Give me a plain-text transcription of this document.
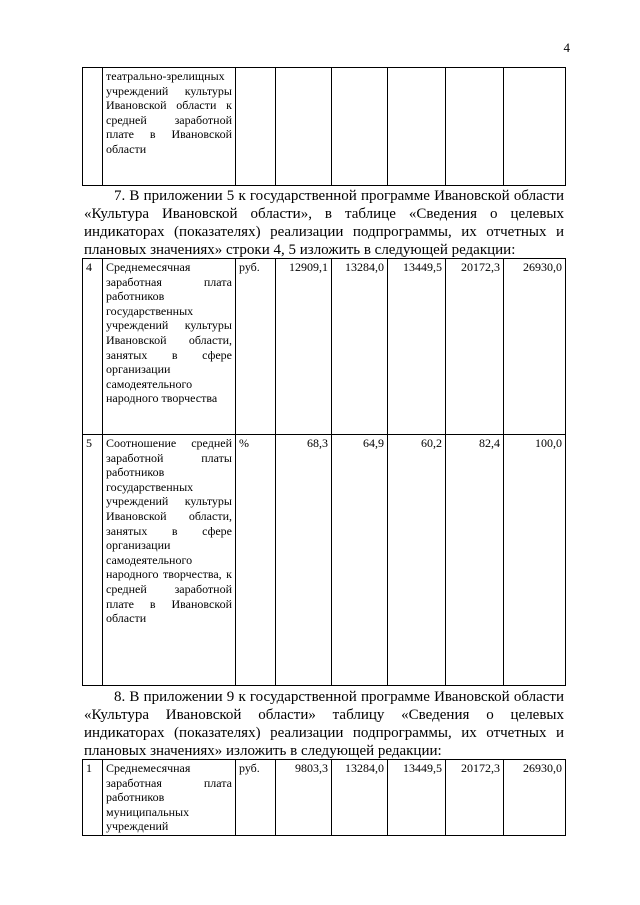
4
	театрально-зрелищных учреждений культуры Ивановской области к средней заработной плате в Ивановской области						

7. В приложении 5 к государственной программе Ивановской области «Культура Ивановской области», в таблице «Сведения о целевых индикаторах (показателях) реализации подпрограммы, их отчетных и плановых значениях» строки 4, 5 изложить в следующей редакции:

4	Среднемесячная заработная плата работников государственных учреждений культуры Ивановской области, занятых в сфере организации самодеятельного народного творчества	руб.	12909,1	13284,0	13449,5	20172,3	26930,0
5	Соотношение средней заработной платы работников государственных учреждений культуры Ивановской области, занятых в сфере организации самодеятельного народного творчества, к средней заработной плате в Ивановской области	%	68,3	64,9	60,2	82,4	100,0

8. В приложении 9 к государственной программе Ивановской области «Культура Ивановской области» таблицу «Сведения о целевых индикаторах (показателях) реализации подпрограммы, их отчетных и плановых значениях» изложить в следующей редакции:

1	Среднемесячная заработная плата работников муниципальных учреждений	руб.	9803,3	13284,0	13449,5	20172,3	26930,0
